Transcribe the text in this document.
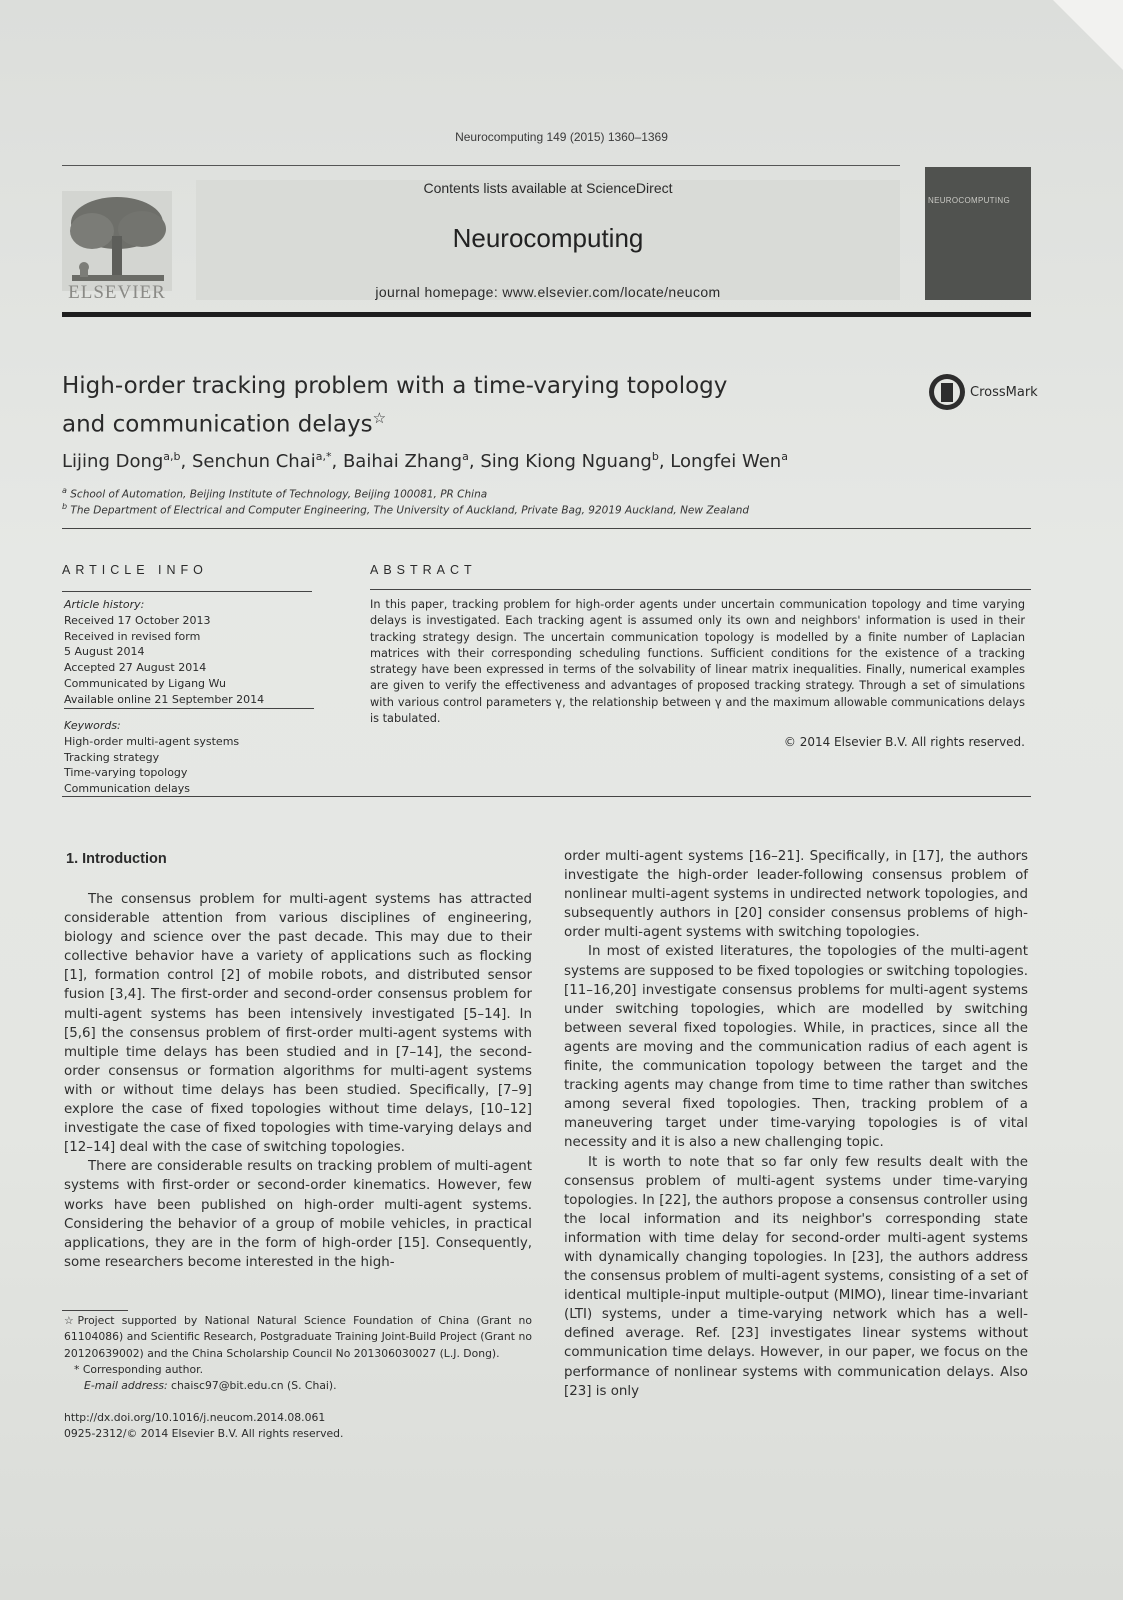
Neurocomputing 149 (2015) 1360–1369
ELSEVIER
Contents lists available at ScienceDirect
Neurocomputing
journal homepage: www.elsevier.com/locate/neucom
NEUROCOMPUTING
High-order tracking problem with a time-varying topology
and communication delays☆
CrossMark
Lijing Dong$^{a,b}$, Senchun Chai$^{a,*}$, Baihai Zhang$^a$, Sing Kiong Nguang$^b$, Longfei Wen$^a$
$^a$ School of Automation, Beijing Institute of Technology, Beijing 100081, PR China
$^b$ The Department of Electrical and Computer Engineering, The University of Auckland, Private Bag, 92019 Auckland, New Zealand
ARTICLE INFO	ABSTRACT
Article history:
Received 17 October 2013
Received in revised form
5 August 2014
Accepted 27 August 2014
Communicated by Ligang Wu
Available online 21 September 2014
Keywords:
High-order multi-agent systems
Tracking strategy
Time-varying topology
Communication delays
In this paper, tracking problem for high-order agents under uncertain communication topology and time varying delays is investigated. Each tracking agent is assumed only its own and neighbors' information is used in their tracking strategy design. The uncertain communication topology is modelled by a finite number of Laplacian matrices with their corresponding scheduling functions. Sufficient conditions for the existence of a tracking strategy have been expressed in terms of the solvability of linear matrix inequalities. Finally, numerical examples are given to verify the effectiveness and advantages of proposed tracking strategy. Through a set of simulations with various control parameters γ, the relationship between γ and the maximum allowable communications delays is tabulated.
© 2014 Elsevier B.V. All rights reserved.
1. Introduction

The consensus problem for multi-agent systems has attracted considerable attention from various disciplines of engineering, biology and science over the past decade. This may due to their collective behavior have a variety of applications such as flocking [1], formation control [2] of mobile robots, and distributed sensor fusion [3,4]. The first-order and second-order consensus problem for multi-agent systems has been intensively investigated [5–14]. In [5,6] the consensus problem of first-order multi-agent systems with multiple time delays has been studied and in [7–14], the second-order consensus or formation algorithms for multi-agent systems with or without time delays has been studied. Specifically, [7–9] explore the case of fixed topologies without time delays, [10–12] investigate the case of fixed topologies with time-varying delays and [12–14] deal with the case of switching topologies.

There are considerable results on tracking problem of multi-agent systems with first-order or second-order kinematics. However, few works have been published on high-order multi-agent systems. Considering the behavior of a group of mobile vehicles, in practical applications, they are in the form of high-order [15]. Consequently, some researchers become interested in the high-

order multi-agent systems [16–21]. Specifically, in [17], the authors investigate the high-order leader-following consensus problem of nonlinear multi-agent systems in undirected network topologies, and subsequently authors in [20] consider consensus problems of high-order multi-agent systems with switching topologies.

In most of existed literatures, the topologies of the multi-agent systems are supposed to be fixed topologies or switching topologies. [11–16,20] investigate consensus problems for multi-agent systems under switching topologies, which are modelled by switching between several fixed topologies. While, in practices, since all the agents are moving and the communication radius of each agent is finite, the communication topology between the target and the tracking agents may change from time to time rather than switches among several fixed topologies. Then, tracking problem of a maneuvering target under time-varying topologies is of vital necessity and it is also a new challenging topic.

It is worth to note that so far only few results dealt with the consensus problem of multi-agent systems under time-varying topologies. In [22], the authors propose a consensus controller using the local information and its neighbor's corresponding state information with time delay for second-order multi-agent systems with dynamically changing topologies. In [23], the authors address the consensus problem of multi-agent systems, consisting of a set of identical multiple-input multiple-output (MIMO), linear time-invariant (LTI) systems, under a time-varying network which has a well-defined average. Ref. [23] investigates linear systems without communication time delays. However, in our paper, we focus on the performance of nonlinear systems with communication delays. Also [23] is only

☆Project supported by National Natural Science Foundation of China (Grant no 61104086) and Scientific Research, Postgraduate Training Joint-Build Project (Grant no 20120639002) and the China Scholarship Council No 201306030027 (L.J. Dong).
* Corresponding author.
E-mail address: chaisc97@bit.edu.cn (S. Chai).
http://dx.doi.org/10.1016/j.neucom.2014.08.061
0925-2312/© 2014 Elsevier B.V. All rights reserved.
